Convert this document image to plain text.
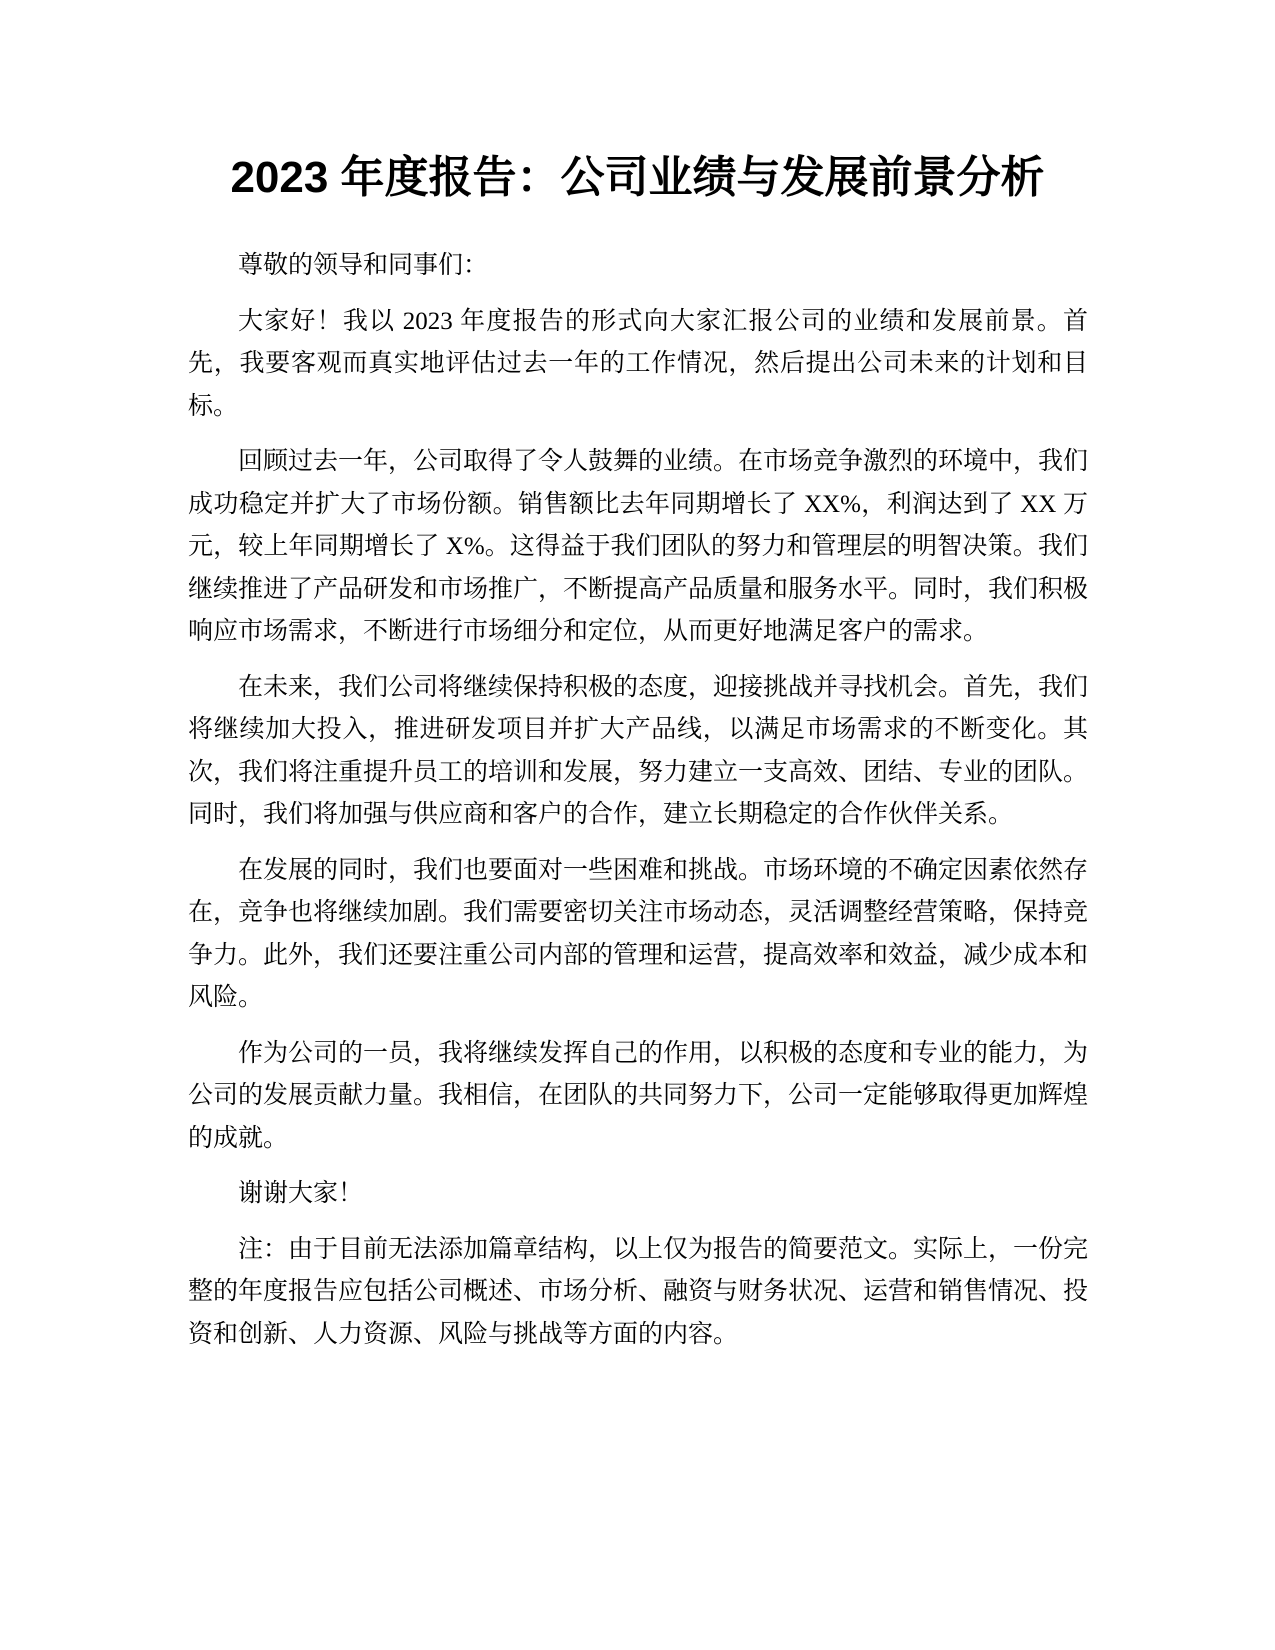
2023 年度报告：公司业绩与发展前景分析

尊敬的领导和同事们：

大家好！我以 2023 年度报告的形式向大家汇报公司的业绩和发展前景。首先，我要客观而真实地评估过去一年的工作情况，然后提出公司未来的计划和目标。

回顾过去一年，公司取得了令人鼓舞的业绩。在市场竞争激烈的环境中，我们成功稳定并扩大了市场份额。销售额比去年同期增长了 XX%，利润达到了 XX 万元，较上年同期增长了 X%。这得益于我们团队的努力和管理层的明智决策。我们继续推进了产品研发和市场推广，不断提高产品质量和服务水平。同时，我们积极响应市场需求，不断进行市场细分和定位，从而更好地满足客户的需求。

在未来，我们公司将继续保持积极的态度，迎接挑战并寻找机会。首先，我们将继续加大投入，推进研发项目并扩大产品线，以满足市场需求的不断变化。其次，我们将注重提升员工的培训和发展，努力建立一支高效、团结、专业的团队。同时，我们将加强与供应商和客户的合作，建立长期稳定的合作伙伴关系。

在发展的同时，我们也要面对一些困难和挑战。市场环境的不确定因素依然存在，竞争也将继续加剧。我们需要密切关注市场动态，灵活调整经营策略，保持竞争力。此外，我们还要注重公司内部的管理和运营，提高效率和效益，减少成本和风险。

作为公司的一员，我将继续发挥自己的作用，以积极的态度和专业的能力，为公司的发展贡献力量。我相信，在团队的共同努力下，公司一定能够取得更加辉煌的成就。

谢谢大家！

注：由于目前无法添加篇章结构，以上仅为报告的简要范文。实际上，一份完整的年度报告应包括公司概述、市场分析、融资与财务状况、运营和销售情况、投资和创新、人力资源、风险与挑战等方面的内容。
